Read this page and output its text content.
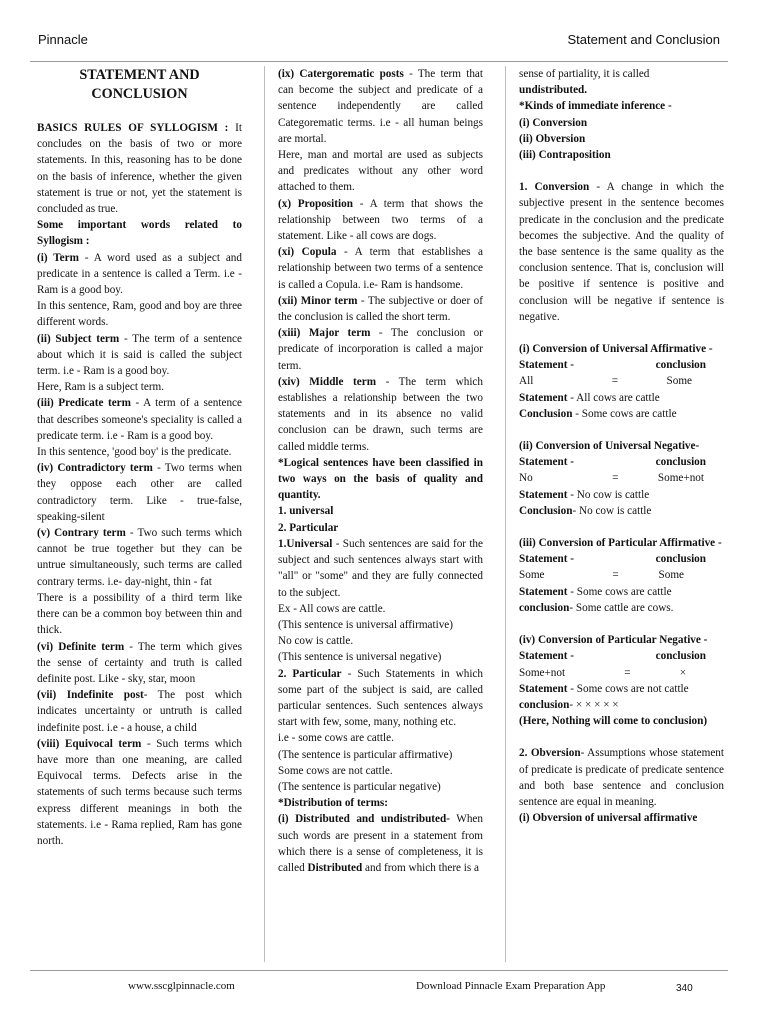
Pinnacle	Statement and Conclusion

STATEMENT AND CONCLUSION

BASICS RULES OF SYLLOGISM : It concludes on the basis of two or more statements. In this, reasoning has to be done on the basis of inference, whether the given statement is true or not, yet the statement is concluded as true.

Some important words related to Syllogism :

(i) Term - A word used as a subject and predicate in a sentence is called a Term. i.e - Ram is a good boy.

In this sentence, Ram, good and boy are three different words.

(ii) Subject term - The term of a sentence about which it is said is called the subject term. i.e - Ram is a good boy.

Here, Ram is a subject term.

(iii) Predicate term - A term of a sentence that describes someone's speciality is called a predicate term. i.e - Ram is a good boy.

In this sentence, 'good boy' is the predicate.

(iv) Contradictory term - Two terms when they oppose each other are called contradictory term. Like - true-false, speaking-silent

(v) Contrary term - Two such terms which cannot be true together but they can be untrue simultaneously, such terms are called contrary terms. i.e- day-night, thin - fat

There is a possibility of a third term like there can be a common boy between thin and thick.

(vi) Definite term - The term which gives the sense of certainty and truth is called definite post. Like - sky, star, moon

(vii) Indefinite post- The post which indicates uncertainty or untruth is called indefinite post. i.e - a house, a child

(viii) Equivocal term - Such terms which have more than one meaning, are called Equivocal terms. Defects arise in the statements of such terms because such terms express different meanings in both the statements. i.e - Rama replied, Ram has gone north.

(ix) Catergorematic posts - The term that can become the subject and predicate of a sentence independently are called Categorematic terms. i.e - all human beings are mortal.

Here, man and mortal are used as subjects and predicates without any other word attached to them.

(x) Proposition - A term that shows the relationship between two terms of a statement. Like - all cows are dogs.

(xi) Copula - A term that establishes a relationship between two terms of a sentence is called a Copula. i.e- Ram is handsome.

(xii) Minor term - The subjective or doer of the conclusion is called the short term.

(xiii) Major term - The conclusion or predicate of incorporation is called a major term.

(xiv) Middle term - The term which establishes a relationship between the two statements and in its absence no valid conclusion can be drawn, such terms are called middle terms.

*Logical sentences have been classified in two ways on the basis of quality and quantity.

1. universal

2. Particular

1.Universal - Such sentences are said for the subject and such sentences always start with "all" or "some" and they are fully connected to the subject.

Ex - All cows are cattle.

(This sentence is universal affirmative)

No cow is cattle.

(This sentence is universal negative)

2. Particular - Such Statements in which some part of the subject is said, are called particular sentences. Such sentences always start with few, some, many, nothing etc.

i.e - some cows are cattle.

(The sentence is particular affirmative)

Some cows are not cattle.

(The sentence is particular negative)

*Distribution of terms:

(i) Distributed and undistributed- When such words are present in a statement from which there is a sense of completeness, it is called Distributed and from which there is a

sense of partiality, it is called

undistributed.

*Kinds of immediate inference -

(i) Conversion

(ii) Obversion

(iii) Contraposition

1. Conversion - A change in which the subjective present in the sentence becomes predicate in the conclusion and the predicate becomes the subjective. And the quality of the base sentence is the same quality as the conclusion sentence. That is, conclusion will be positive if sentence is positive and conclusion will be negative if sentence is negative.

(i) Conversion of Universal Affirmative -

Statement -	conclusion
All	=	Some

Statement - All cows are cattle

Conclusion - Some cows are cattle

(ii) Conversion of Universal Negative-

Statement -	conclusion
No	=	Some+not

Statement - No cow is cattle

Conclusion- No cow is cattle

(iii) Conversion of Particular Affirmative -

Statement -	conclusion
Some	=	Some

Statement - Some cows are cattle

conclusion- Some cattle are cows.

(iv) Conversion of Particular Negative -

Statement -	conclusion
Some+not	=	×

Statement - Some cows are not cattle

conclusion- × × × × ×

(Here, Nothing will come to conclusion)

2. Obversion- Assumptions whose statement of predicate is predicate of predicate sentence and both base sentence and conclusion sentence are equal in meaning.

(i) Obversion of universal affirmative

www.sscglpinnacle.com	Download Pinnacle Exam Preparation App	340
